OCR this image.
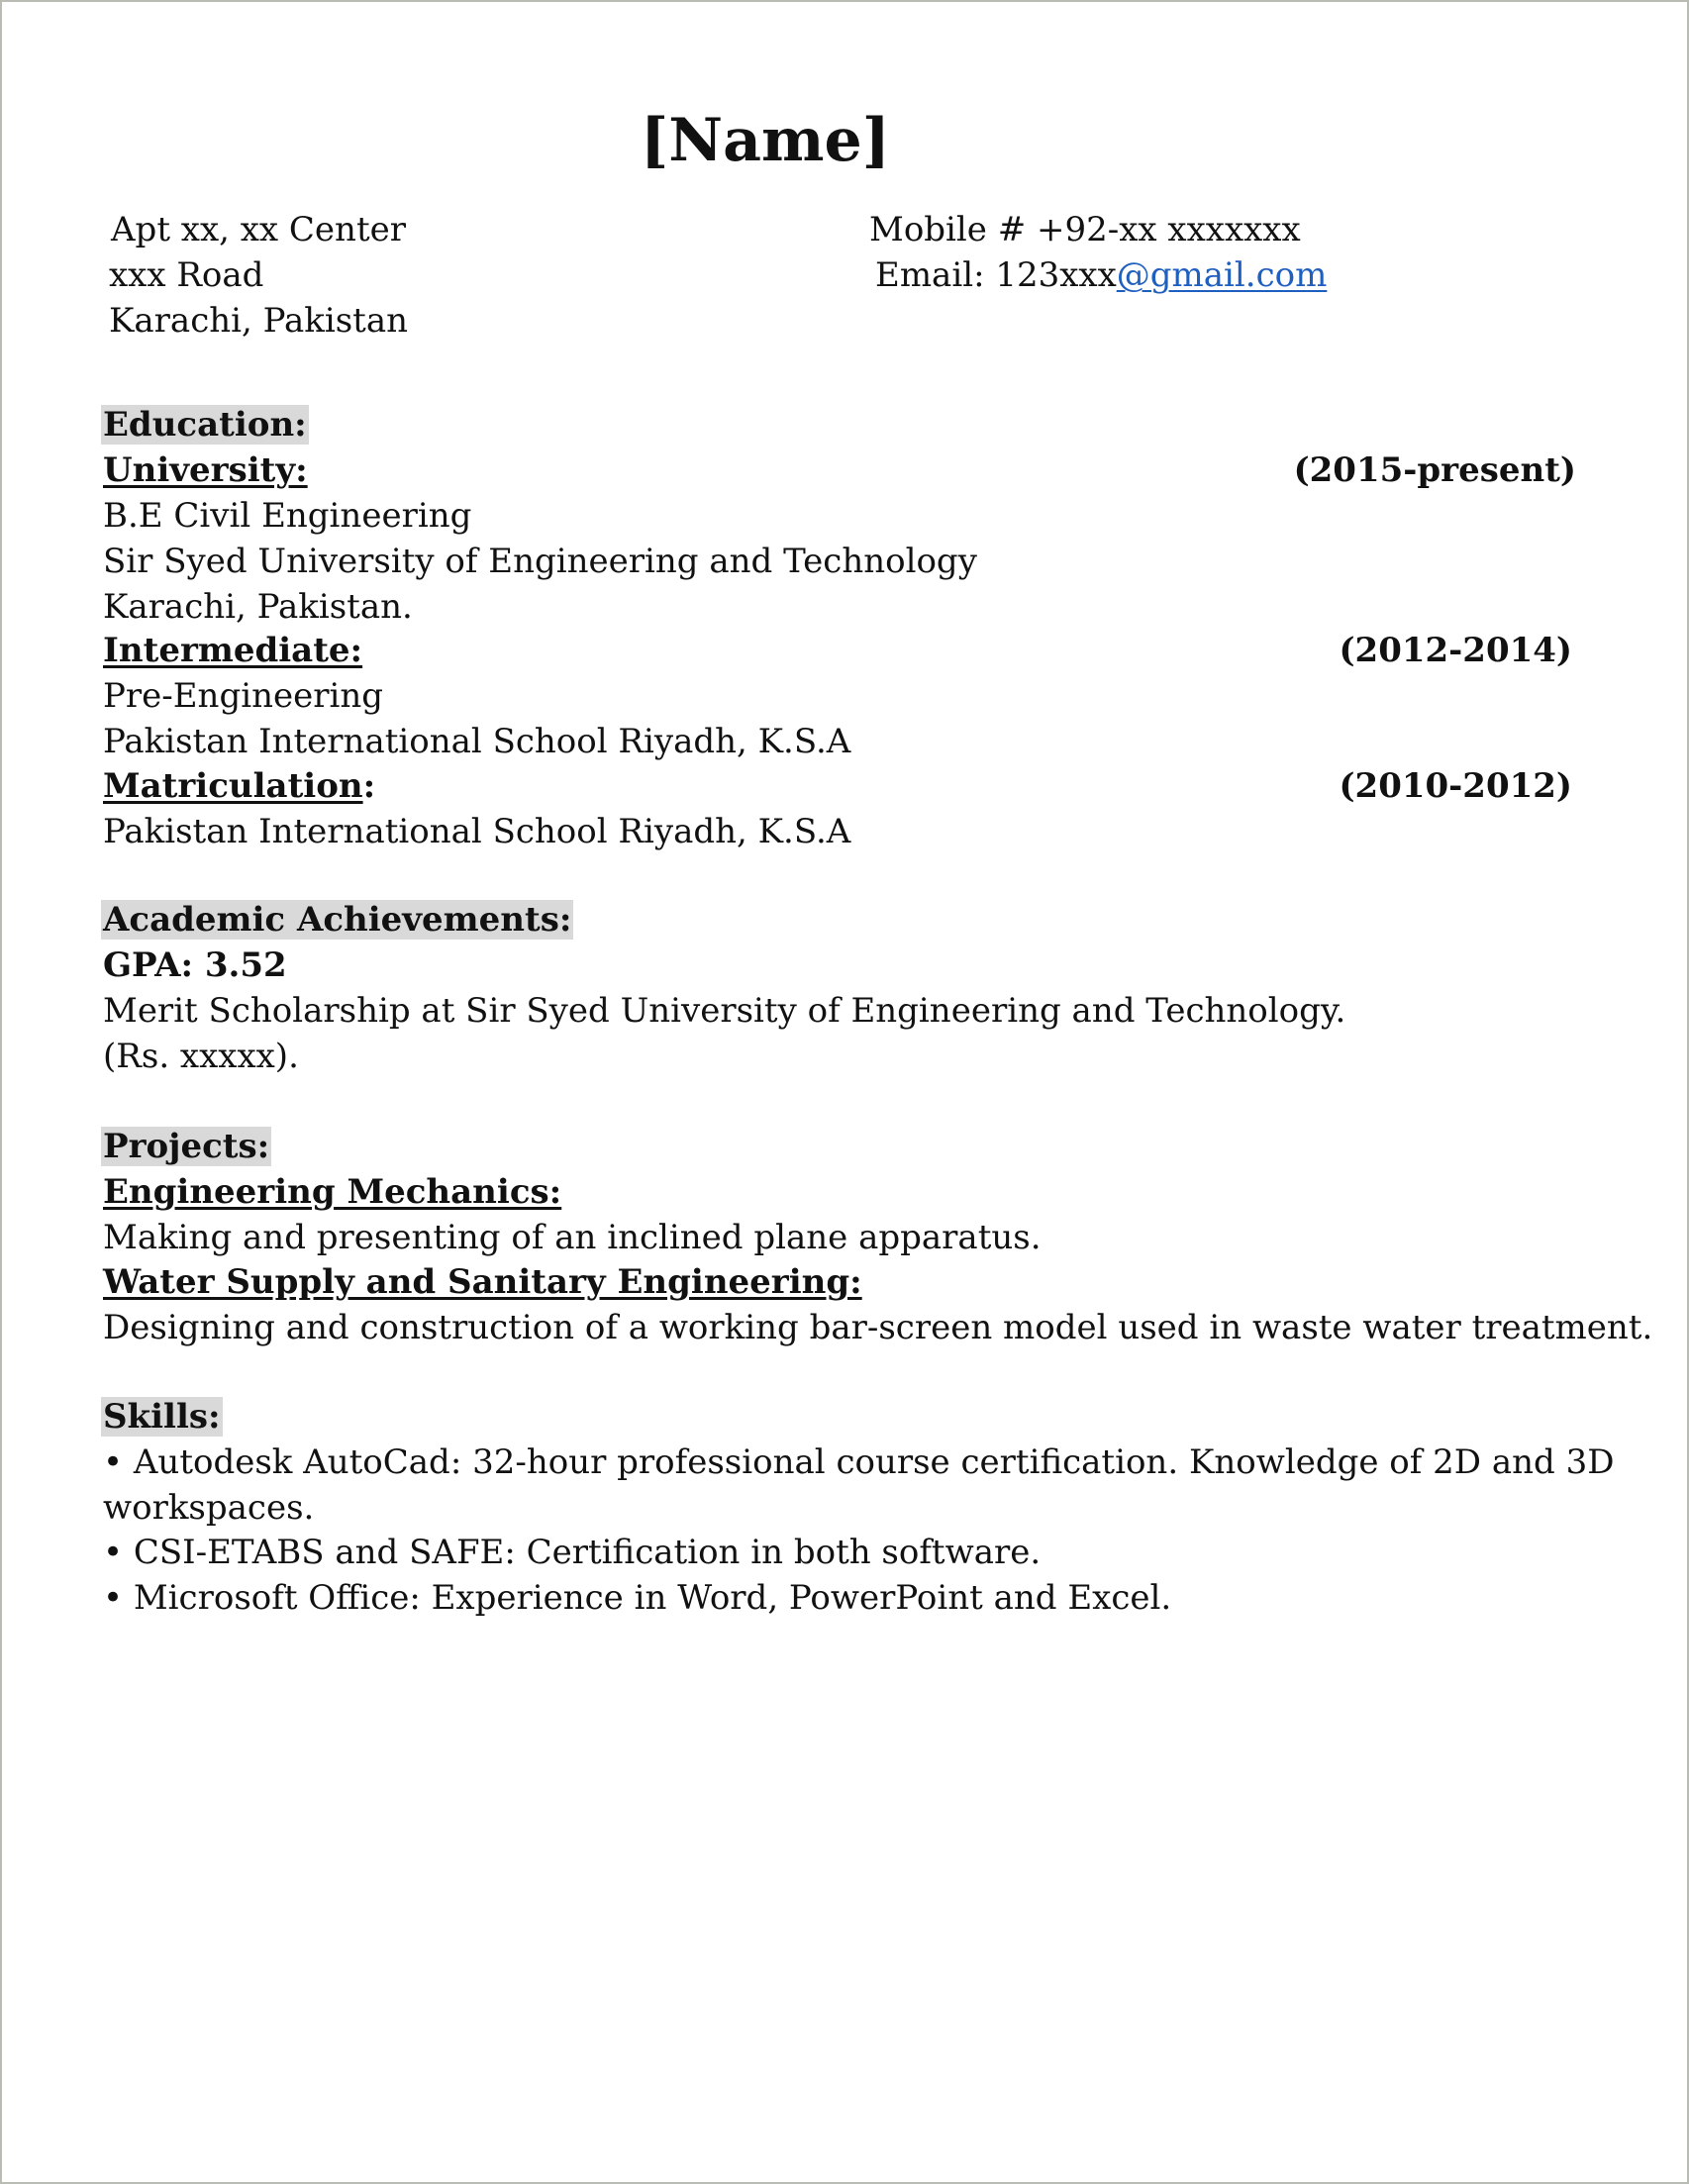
[Name]
Apt xx, xx Center
xxx Road
Karachi, Pakistan
Mobile # +92-xx xxxxxxx
Email: 123xxx@gmail.com
Education:
University:	(2015-present)
B.E Civil Engineering
Sir Syed University of Engineering and Technology
Karachi, Pakistan.
Intermediate:	(2012-2014)
Pre-Engineering
Pakistan International School Riyadh, K.S.A
Matriculation:	(2010-2012)
Pakistan International School Riyadh, K.S.A
Academic Achievements:
GPA: 3.52
Merit Scholarship at Sir Syed University of Engineering and Technology.
(Rs. xxxxx).
Projects:
Engineering Mechanics:
Making and presenting of an inclined plane apparatus.
Water Supply and Sanitary Engineering:
Designing and construction of a working bar-screen model used in waste water treatment.
Skills:
• Autodesk AutoCad: 32-hour professional course certification. Knowledge of 2D and 3D
workspaces.
• CSI-ETABS and SAFE: Certification in both software.
• Microsoft Office: Experience in Word, PowerPoint and Excel.
